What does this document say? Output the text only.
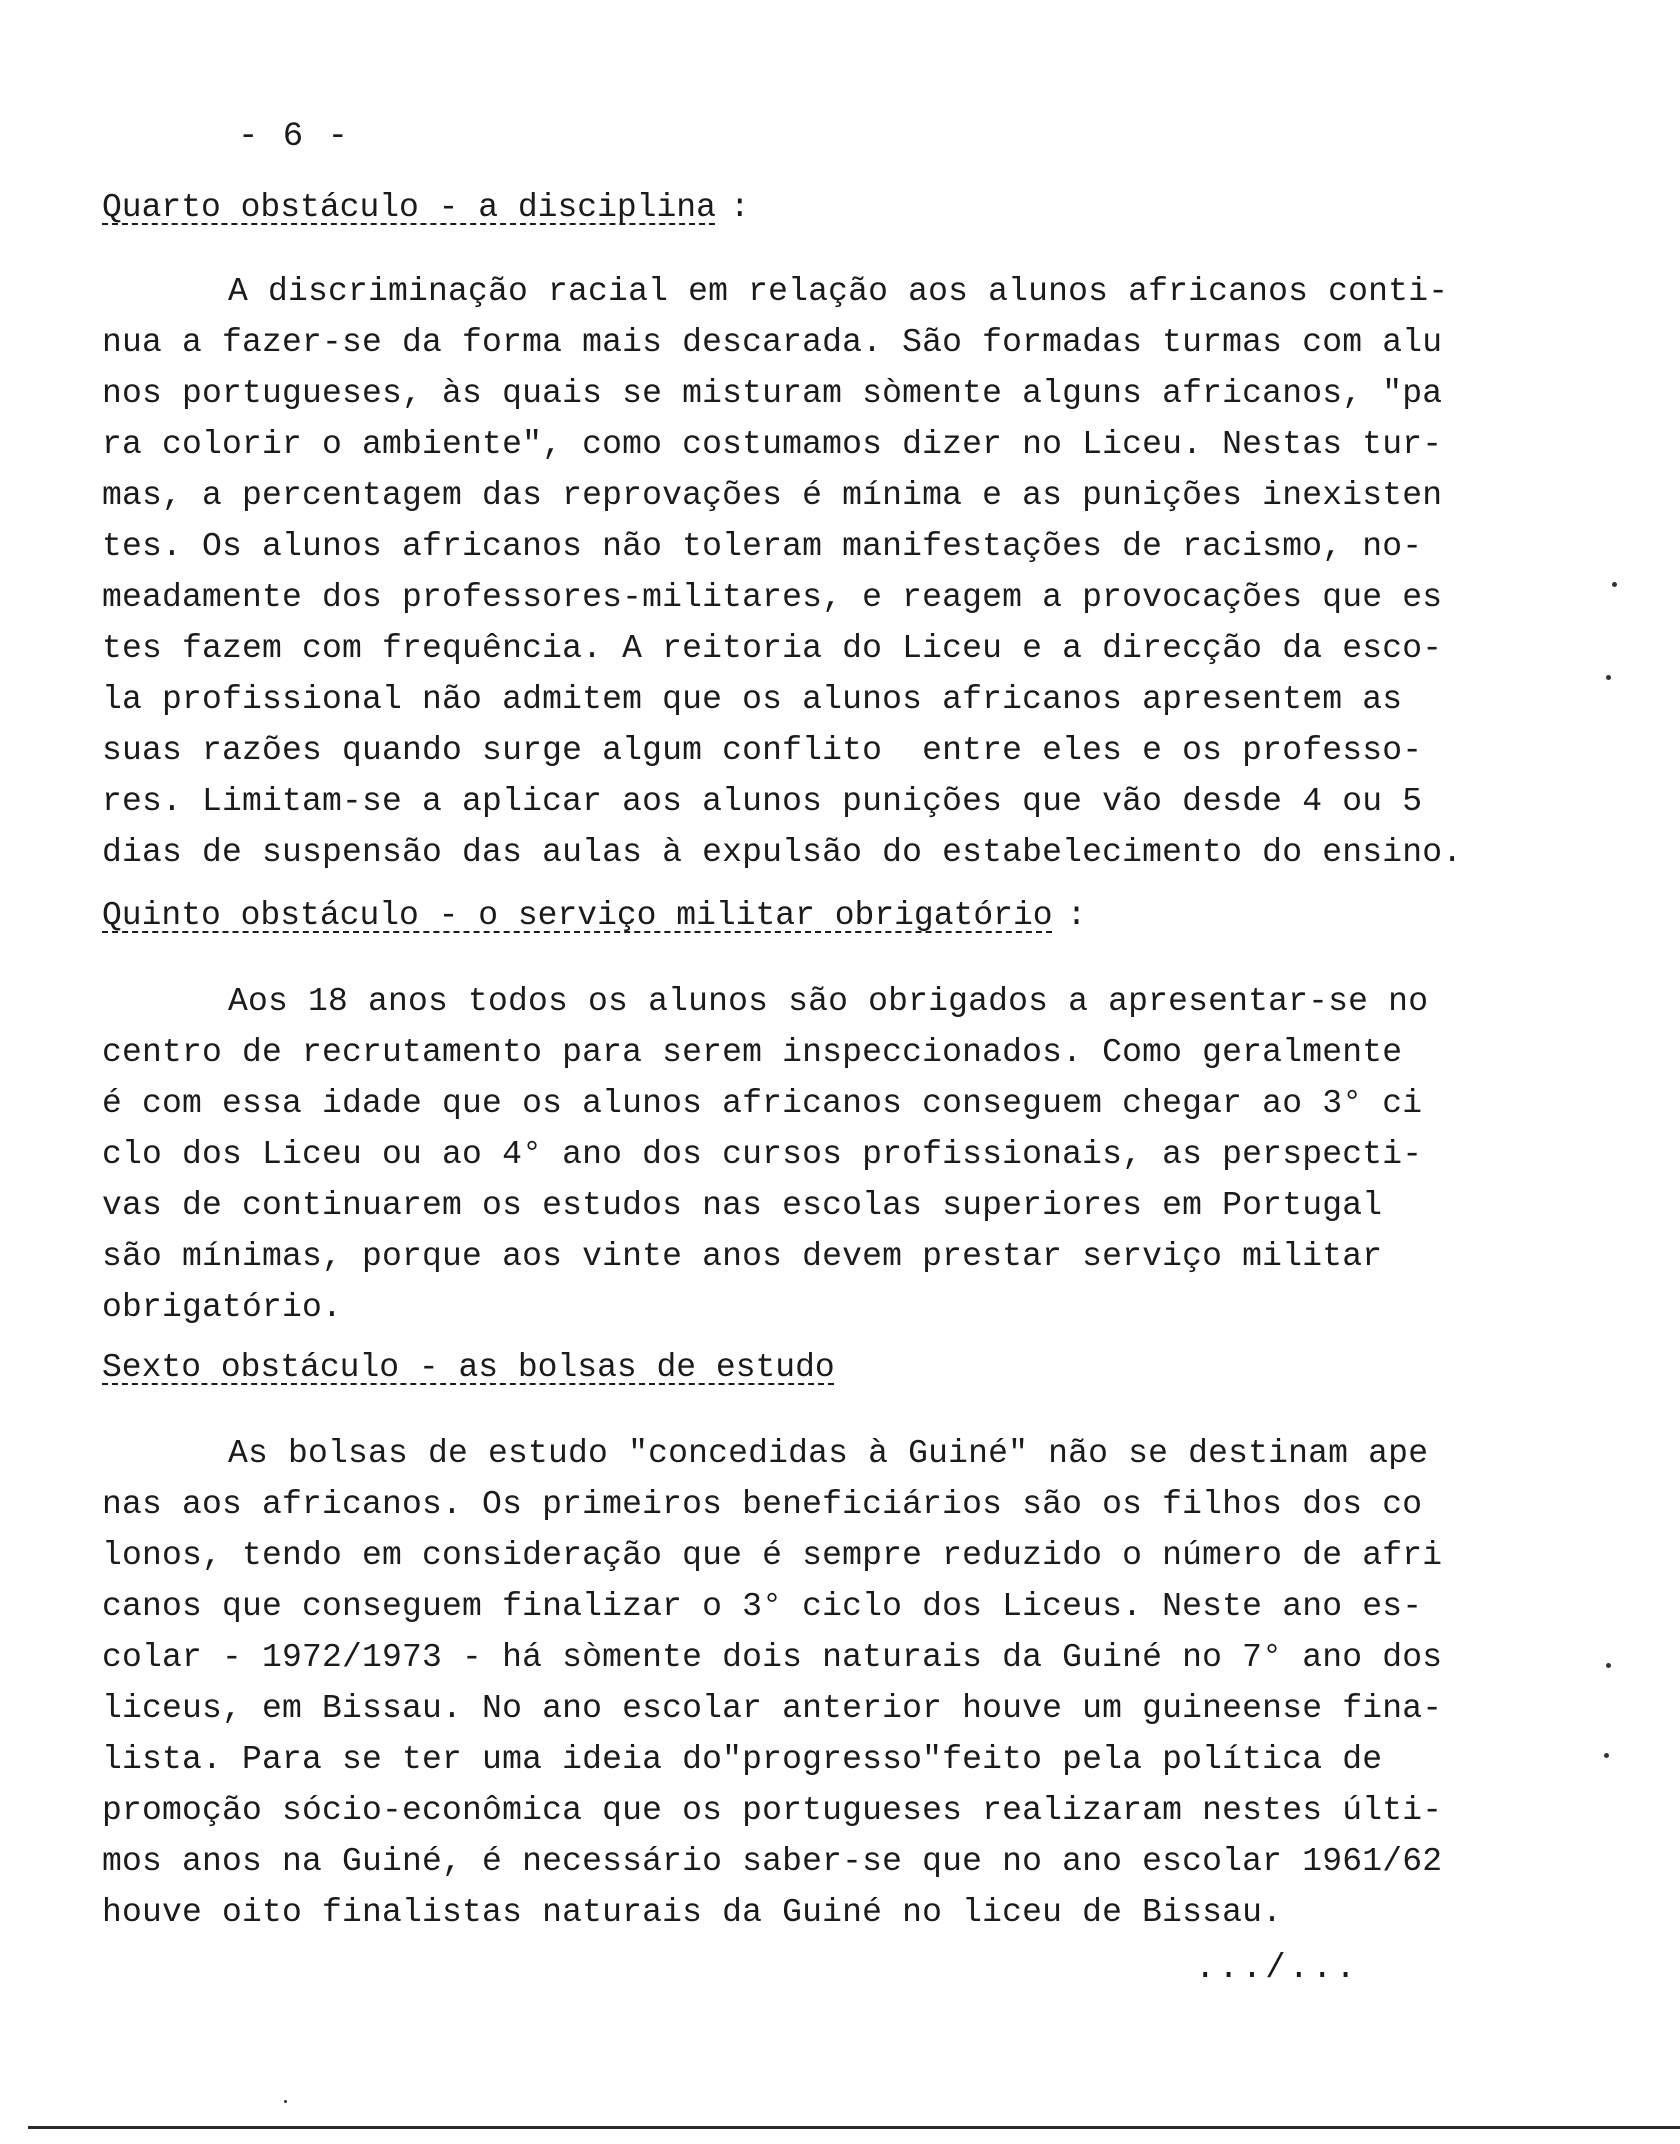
- 6 -
Quarto obstáculo - a disciplina :
A discriminação racial em relação aos alunos africanos conti-
nua a fazer-se da forma mais descarada. São formadas turmas com alu
nos portugueses, às quais se misturam sòmente alguns africanos, "pa
ra colorir o ambiente", como costumamos dizer no Liceu. Nestas tur-
mas, a percentagem das reprovações é mínima e as punições inexisten
tes. Os alunos africanos não toleram manifestações de racismo, no-
meadamente dos professores-militares, e reagem a provocações que es
tes fazem com frequência. A reitoria do Liceu e a direcção da esco-
la profissional não admitem que os alunos africanos apresentem as
suas razões quando surge algum conflito  entre eles e os professo-
res. Limitam-se a aplicar aos alunos punições que vão desde 4 ou 5
dias de suspensão das aulas à expulsão do estabelecimento do ensino.
Quinto obstáculo - o serviço militar obrigatório :
Aos 18 anos todos os alunos são obrigados a apresentar-se no
centro de recrutamento para serem inspeccionados. Como geralmente
é com essa idade que os alunos africanos conseguem chegar ao 3° ci
clo dos Liceu ou ao 4° ano dos cursos profissionais, as perspecti-
vas de continuarem os estudos nas escolas superiores em Portugal
são mínimas, porque aos vinte anos devem prestar serviço militar
obrigatório.
Sexto obstáculo - as bolsas de estudo
As bolsas de estudo "concedidas à Guiné" não se destinam ape
nas aos africanos. Os primeiros beneficiários são os filhos dos co
lonos, tendo em consideração que é sempre reduzido o número de afri
canos que conseguem finalizar o 3° ciclo dos Liceus. Neste ano es-
colar - 1972/1973 - há sòmente dois naturais da Guiné no 7° ano dos
liceus, em Bissau. No ano escolar anterior houve um guineense fina-
lista. Para se ter uma ideia do"progresso"feito pela política de
promoção sócio-econômica que os portugueses realizaram nestes últi-
mos anos na Guiné, é necessário saber-se que no ano escolar 1961/62
houve oito finalistas naturais da Guiné no liceu de Bissau.
.../...
